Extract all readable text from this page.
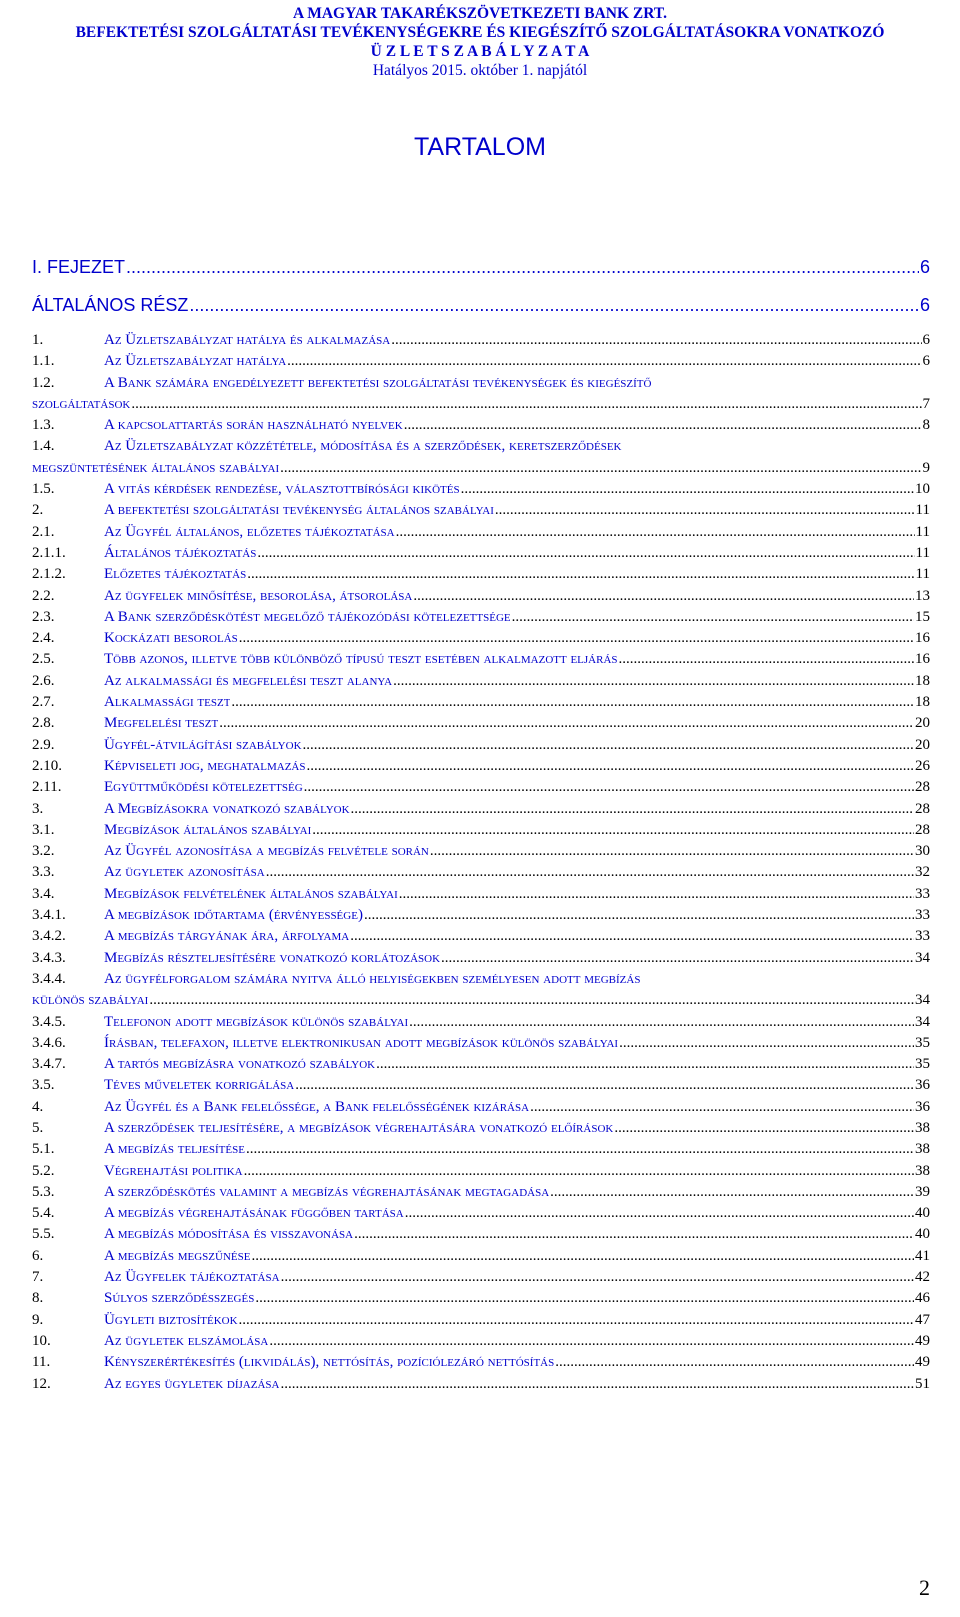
A MAGYAR TAKARÉKSZÖVETKEZETI BANK ZRT.
BEFEKTETÉSI SZOLGÁLTATÁSI TEVÉKENYSÉGEKRE ÉS KIEGÉSZÍTŐ SZOLGÁLTATÁSOKRA VONATKOZÓ
Ü Z L E T S Z A B Á L Y Z A T A
Hatályos 2015. október 1. napjától
TARTALOM
I. FEJEZET .....	6
ÁLTALÁNOS RÉSZ .....	6
1.	Az Üzletszabályzat hatálya és alkalmazása .....	6
1.1.	Az Üzletszabályzat hatálya .....	6
1.2.	A Bank számára engedélyezett befektetési szolgáltatási tevékenységek és kiegészítő
szolgáltatások .....	7
1.3.	A kapcsolattartás során használható nyelvek .....	8
1.4.	Az Üzletszabályzat közzététele, módosítása és a szerződések, keretszerződések
megszüntetésének általános szabályai .....	9
1.5.	A vitás kérdések rendezése, választottbírósági kikötés .....	10
2.	A befektetési szolgáltatási tevékenység általános szabályai .....	11
2.1.	Az Ügyfél általános, előzetes tájékoztatása .....	11
2.1.1.	Általános tájékoztatás .....	11
2.1.2.	Előzetes tájékoztatás .....	11
2.2.	Az ügyfelek minősítése, besorolása, átsorolása .....	13
2.3.	A Bank szerződéskötést megelőző tájékozódási kötelezettsége .....	15
2.4.	Kockázati besorolás .....	16
2.5.	Több azonos, illetve több különböző típusú teszt esetében alkalmazott eljárás .....	16
2.6.	Az alkalmassági és megfelelési teszt alanya .....	18
2.7.	Alkalmassági teszt .....	18
2.8.	Megfelelési teszt .....	20
2.9.	Ügyfél-átvilágítási szabályok .....	20
2.10.	Képviseleti jog, meghatalmazás .....	26
2.11.	Együttműködési kötelezettség .....	28
3.	A Megbízásokra vonatkozó szabályok .....	28
3.1.	Megbízások általános szabályai .....	28
3.2.	Az Ügyfél azonosítása a megbízás felvétele során .....	30
3.3.	Az ügyletek azonosítása .....	32
3.4.	Megbízások felvételének általános szabályai .....	33
3.4.1.	A megbízások időtartama (érvényessége) .....	33
3.4.2.	A megbízás tárgyának ára, árfolyama .....	33
3.4.3.	Megbízás részteljesítésére vonatkozó korlátozások .....	34
3.4.4.	Az ügyfélforgalom számára nyitva álló helyiségekben személyesen adott megbízás
különös szabályai .....	34
3.4.5.	Telefonon adott megbízások különös szabályai .....	34
3.4.6.	Írásban, telefaxon, illetve elektronikusan adott megbízások különös szabályai .....	35
3.4.7.	A tartós megbízásra vonatkozó szabályok .....	35
3.5.	Téves műveletek korrigálása .....	36
4.	Az Ügyfél és a Bank felelőssége, a Bank felelősségének kizárása .....	36
5.	A szerződések teljesítésére, a megbízások végrehajtására vonatkozó előírások .....	38
5.1.	A megbízás teljesítése .....	38
5.2.	Végrehajtási politika .....	38
5.3.	A szerződéskötés valamint a megbízás végrehajtásának megtagadása .....	39
5.4.	A megbízás végrehajtásának függőben tartása .....	40
5.5.	A megbízás módosítása és visszavonása .....	40
6.	A megbízás megszűnése .....	41
7.	Az Ügyfelek tájékoztatása .....	42
8.	Súlyos szerződésszegés .....	46
9.	Ügyleti biztosítékok .....	47
10.	Az ügyletek elszámolása .....	49
11.	Kényszerértékesítés (likvidálás), nettósítás, pozíciólezáró nettósítás .....	49
12.	Az egyes ügyletek díjazása .....	51
2
